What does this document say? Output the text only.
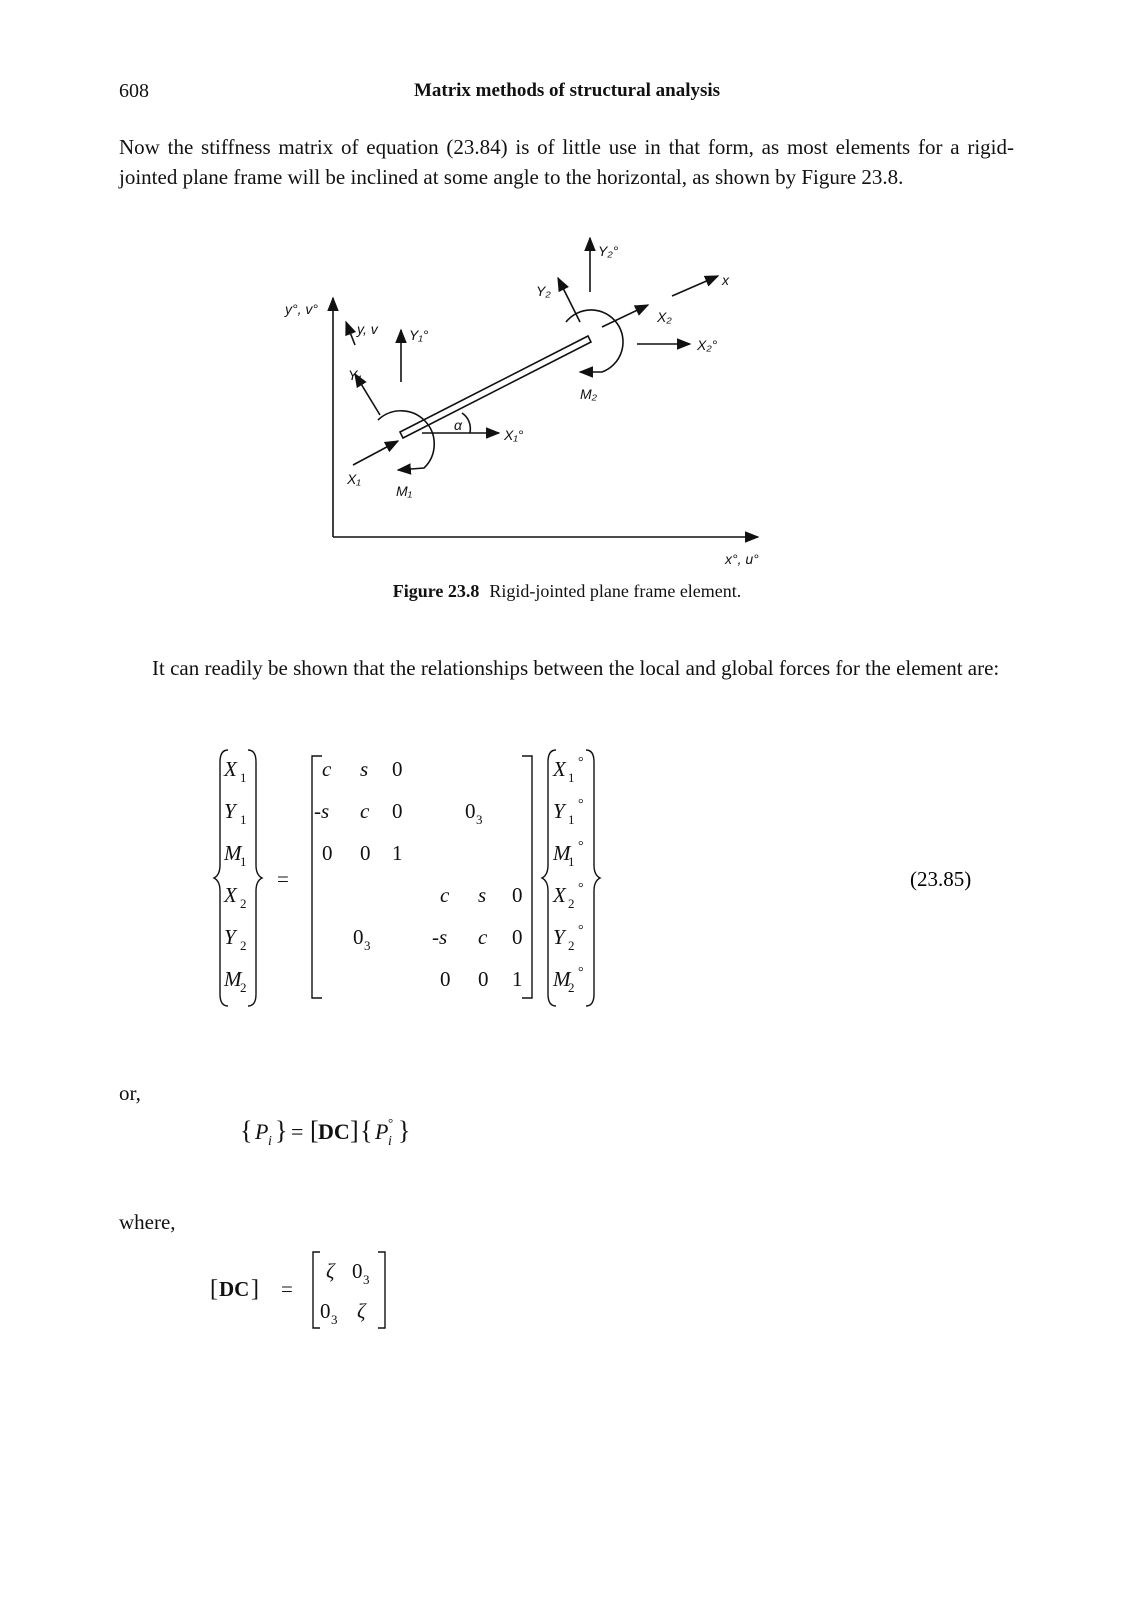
608	Matrix methods of structural analysis
Now the stiffness matrix of equation (23.84) is of little use in that form, as most elements for a rigid-jointed plane frame will be inclined at some angle to the horizontal, as shown by Figure 23.8.
y°, v°
x°, u°
y, v Y₁°
Y₁
X₁
M₁
X₁°
α
Y₂
Y₂°
X₂
x
X₂°
M₂
Figure 23.8 Rigid-jointed plane frame element.
It can readily be shown that the relationships between the local and global forces for the element are:
X 1
Y 1
M
1
X 2
Y 2
M
2
X 1
°
Y 1
°
M
1
°
X 2
°
Y 2
°
M
2
°
=
c s 0
-s c 0
0 0 1
c s 0
-s c 0
0 0 1
0 3
0 3
(23.85)
or,
{ P i } = [ DC ] { P i
° }
where,
[ DC ] =
ζ 0 3
0 3 ζ
